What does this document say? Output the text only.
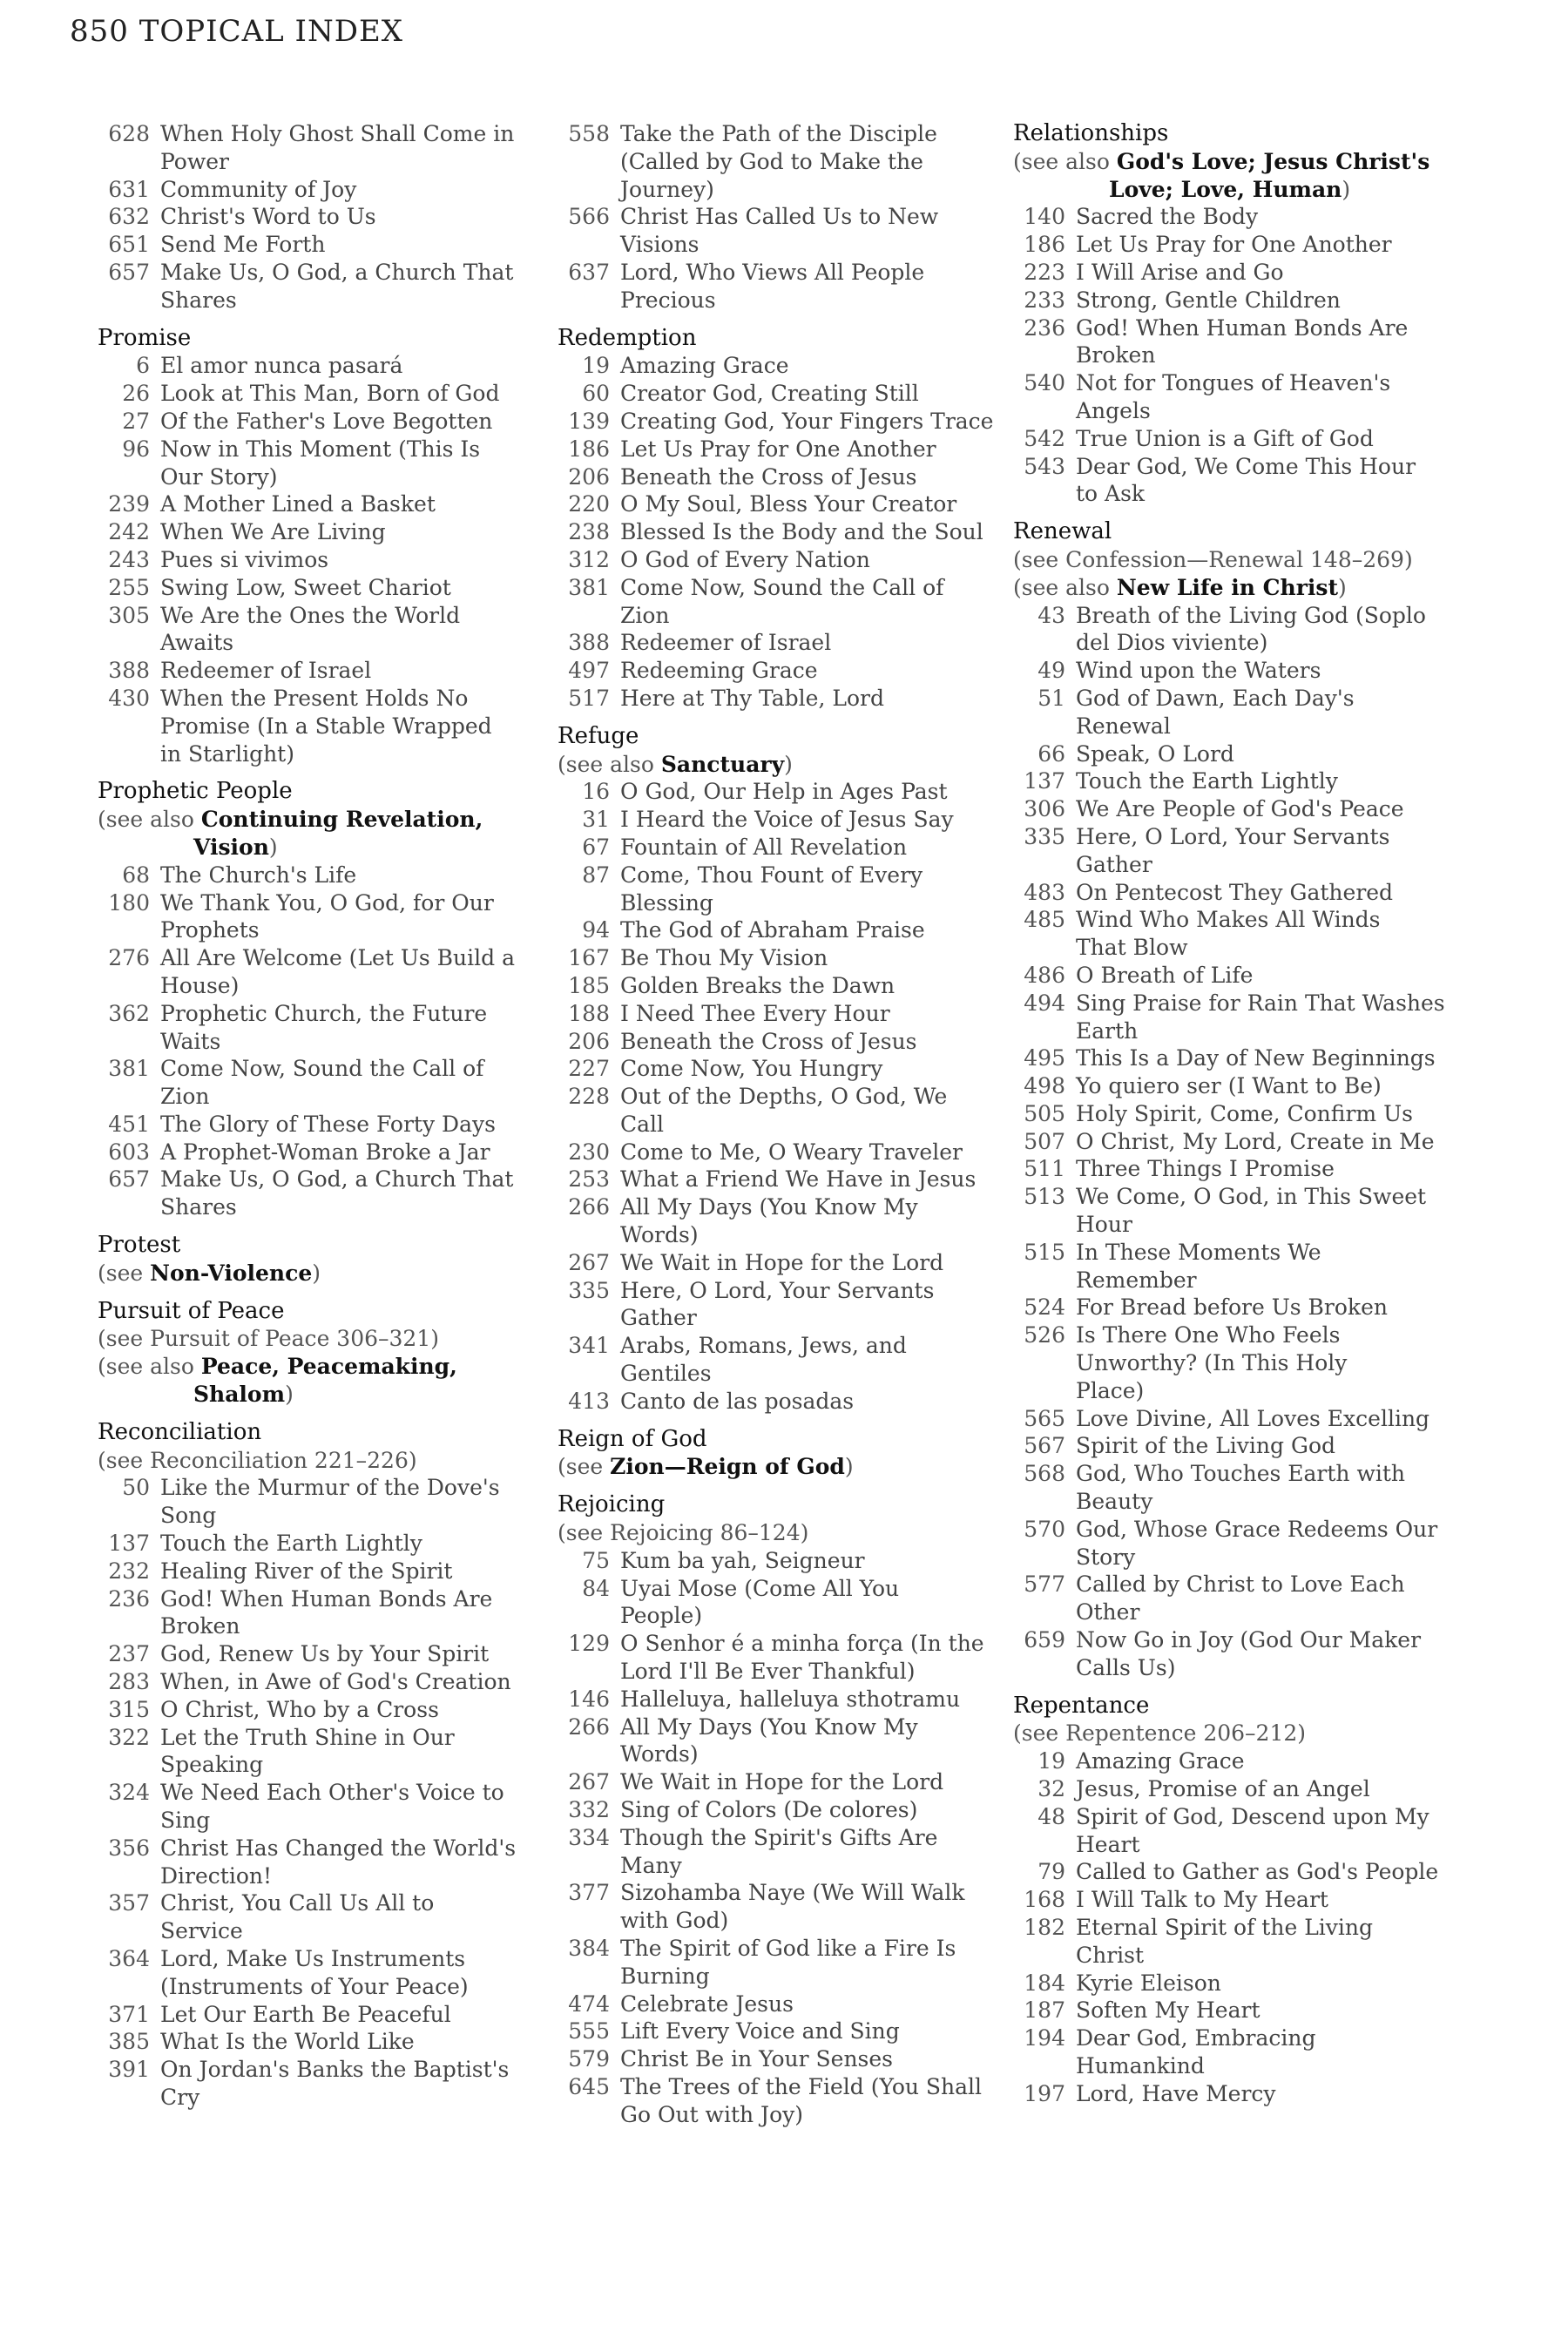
850 TOPICAL INDEX
628 When Holy Ghost Shall Come in
Power
631 Community of Joy
632 Christ's Word to Us
651 Send Me Forth
657 Make Us, O God, a Church That
Shares
Promise
6 El amor nunca pasará
26 Look at This Man, Born of God
27 Of the Father's Love Begotten
96 Now in This Moment (This Is
Our Story)
239 A Mother Lined a Basket
242 When We Are Living
243 Pues si vivimos
255 Swing Low, Sweet Chariot
305 We Are the Ones the World
Awaits
388 Redeemer of Israel
430 When the Present Holds No
Promise (In a Stable Wrapped
in Starlight)
Prophetic People
(see also Continuing Revelation,
Vision)
68 The Church's Life
180 We Thank You, O God, for Our
Prophets
276 All Are Welcome (Let Us Build a
House)
362 Prophetic Church, the Future
Waits
381 Come Now, Sound the Call of
Zion
451 The Glory of These Forty Days
603 A Prophet-Woman Broke a Jar
657 Make Us, O God, a Church That
Shares
Protest
(see Non-Violence)
Pursuit of Peace
(see Pursuit of Peace 306–321)
(see also Peace, Peacemaking,
Shalom)
Reconciliation
(see Reconciliation 221–226)
50 Like the Murmur of the Dove's
Song
137 Touch the Earth Lightly
232 Healing River of the Spirit
236 God! When Human Bonds Are
Broken
237 God, Renew Us by Your Spirit
283 When, in Awe of God's Creation
315 O Christ, Who by a Cross
322 Let the Truth Shine in Our
Speaking
324 We Need Each Other's Voice to
Sing
356 Christ Has Changed the World's
Direction!
357 Christ, You Call Us All to
Service
364 Lord, Make Us Instruments
(Instruments of Your Peace)
371 Let Our Earth Be Peaceful
385 What Is the World Like
391 On Jordan's Banks the Baptist's
Cry
558 Take the Path of the Disciple
(Called by God to Make the
Journey)
566 Christ Has Called Us to New
Visions
637 Lord, Who Views All People
Precious
Redemption
19 Amazing Grace
60 Creator God, Creating Still
139 Creating God, Your Fingers Trace
186 Let Us Pray for One Another
206 Beneath the Cross of Jesus
220 O My Soul, Bless Your Creator
238 Blessed Is the Body and the Soul
312 O God of Every Nation
381 Come Now, Sound the Call of
Zion
388 Redeemer of Israel
497 Redeeming Grace
517 Here at Thy Table, Lord
Refuge
(see also Sanctuary)
16 O God, Our Help in Ages Past
31 I Heard the Voice of Jesus Say
67 Fountain of All Revelation
87 Come, Thou Fount of Every
Blessing
94 The God of Abraham Praise
167 Be Thou My Vision
185 Golden Breaks the Dawn
188 I Need Thee Every Hour
206 Beneath the Cross of Jesus
227 Come Now, You Hungry
228 Out of the Depths, O God, We
Call
230 Come to Me, O Weary Traveler
253 What a Friend We Have in Jesus
266 All My Days (You Know My
Words)
267 We Wait in Hope for the Lord
335 Here, O Lord, Your Servants
Gather
341 Arabs, Romans, Jews, and
Gentiles
413 Canto de las posadas
Reign of God
(see Zion—Reign of God)
Rejoicing
(see Rejoicing 86–124)
75 Kum ba yah, Seigneur
84 Uyai Mose (Come All You
People)
129 O Senhor é a minha força (In the
Lord I'll Be Ever Thankful)
146 Halleluya, halleluya sthotramu
266 All My Days (You Know My
Words)
267 We Wait in Hope for the Lord
332 Sing of Colors (De colores)
334 Though the Spirit's Gifts Are
Many
377 Sizohamba Naye (We Will Walk
with God)
384 The Spirit of God like a Fire Is
Burning
474 Celebrate Jesus
555 Lift Every Voice and Sing
579 Christ Be in Your Senses
645 The Trees of the Field (You Shall
Go Out with Joy)
Relationships
(see also God's Love; Jesus Christ's
Love; Love, Human)
140 Sacred the Body
186 Let Us Pray for One Another
223 I Will Arise and Go
233 Strong, Gentle Children
236 God! When Human Bonds Are
Broken
540 Not for Tongues of Heaven's
Angels
542 True Union is a Gift of God
543 Dear God, We Come This Hour
to Ask
Renewal
(see Confession—Renewal 148–269)
(see also New Life in Christ)
43 Breath of the Living God (Soplo
del Dios viviente)
49 Wind upon the Waters
51 God of Dawn, Each Day's
Renewal
66 Speak, O Lord
137 Touch the Earth Lightly
306 We Are People of God's Peace
335 Here, O Lord, Your Servants
Gather
483 On Pentecost They Gathered
485 Wind Who Makes All Winds
That Blow
486 O Breath of Life
494 Sing Praise for Rain That Washes
Earth
495 This Is a Day of New Beginnings
498 Yo quiero ser (I Want to Be)
505 Holy Spirit, Come, Confirm Us
507 O Christ, My Lord, Create in Me
511 Three Things I Promise
513 We Come, O God, in This Sweet
Hour
515 In These Moments We
Remember
524 For Bread before Us Broken
526 Is There One Who Feels
Unworthy? (In This Holy
Place)
565 Love Divine, All Loves Excelling
567 Spirit of the Living God
568 God, Who Touches Earth with
Beauty
570 God, Whose Grace Redeems Our
Story
577 Called by Christ to Love Each
Other
659 Now Go in Joy (God Our Maker
Calls Us)
Repentance
(see Repentence 206–212)
19 Amazing Grace
32 Jesus, Promise of an Angel
48 Spirit of God, Descend upon My
Heart
79 Called to Gather as God's People
168 I Will Talk to My Heart
182 Eternal Spirit of the Living
Christ
184 Kyrie Eleison
187 Soften My Heart
194 Dear God, Embracing
Humankind
197 Lord, Have Mercy
